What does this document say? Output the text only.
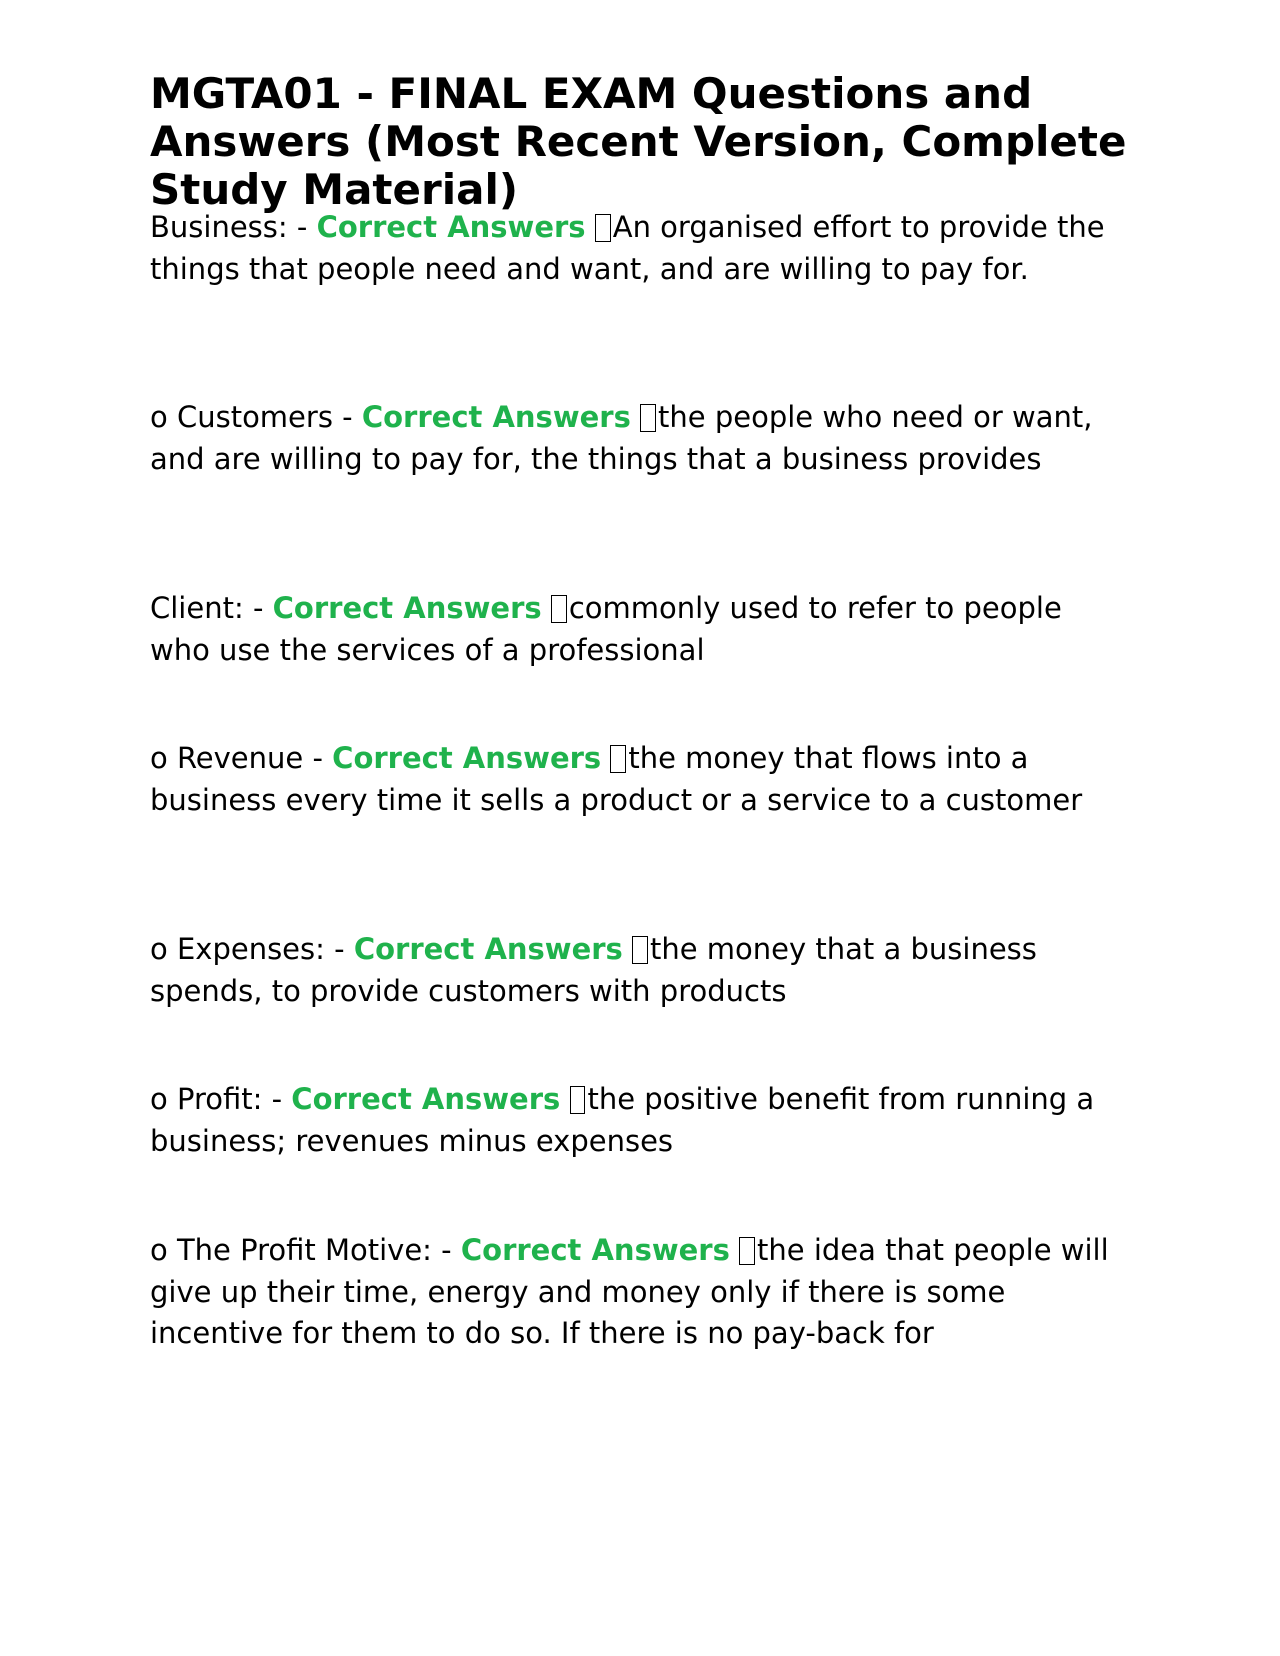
MGTA01 - FINAL EXAM Questions and Answers (Most Recent Version, Complete Study Material)

Business: - Correct Answers An organised effort to provide the things that people need and want, and are willing to pay for.

o Customers - Correct Answers the people who need or want, and are willing to pay for, the things that a business provides

Client: - Correct Answers commonly used to refer to people who use the services of a professional

o Revenue - Correct Answers the money that flows into a business every time it sells a product or a service to a customer

o Expenses: - Correct Answers the money that a business spends, to provide customers with products

o Profit: - Correct Answers the positive benefit from running a business; revenues minus expenses

o The Profit Motive: - Correct Answers the idea that people will give up their time, energy and money only if there is some incentive for them to do so. If there is no pay-back for
